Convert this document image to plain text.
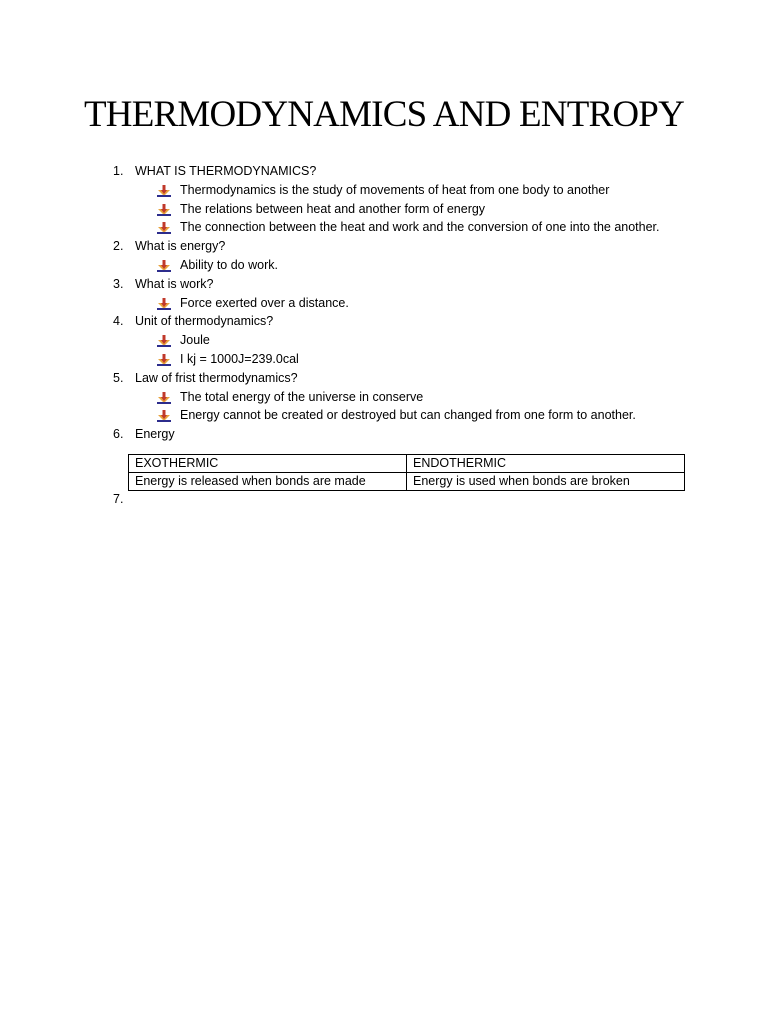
THERMODYNAMICS AND ENTROPY
1. WHAT IS THERMODYNAMICS?
Thermodynamics is the study of movements of heat from one body to another
The relations between heat and another form of energy
The connection between the heat and work and the conversion of one into the another.
2. What is energy?
Ability to do work.
3. What is work?
Force exerted over a distance.
4. Unit of thermodynamics?
Joule
I kj = 1000J=239.0cal
5. Law of frist thermodynamics?
The total energy of the universe in conserve
Energy cannot be created or destroyed but can changed from one form to another.
6. Energy
EXOTHERMIC	ENDOTHERMIC
Energy is released when bonds are made	Energy is used when bonds are broken
7.
